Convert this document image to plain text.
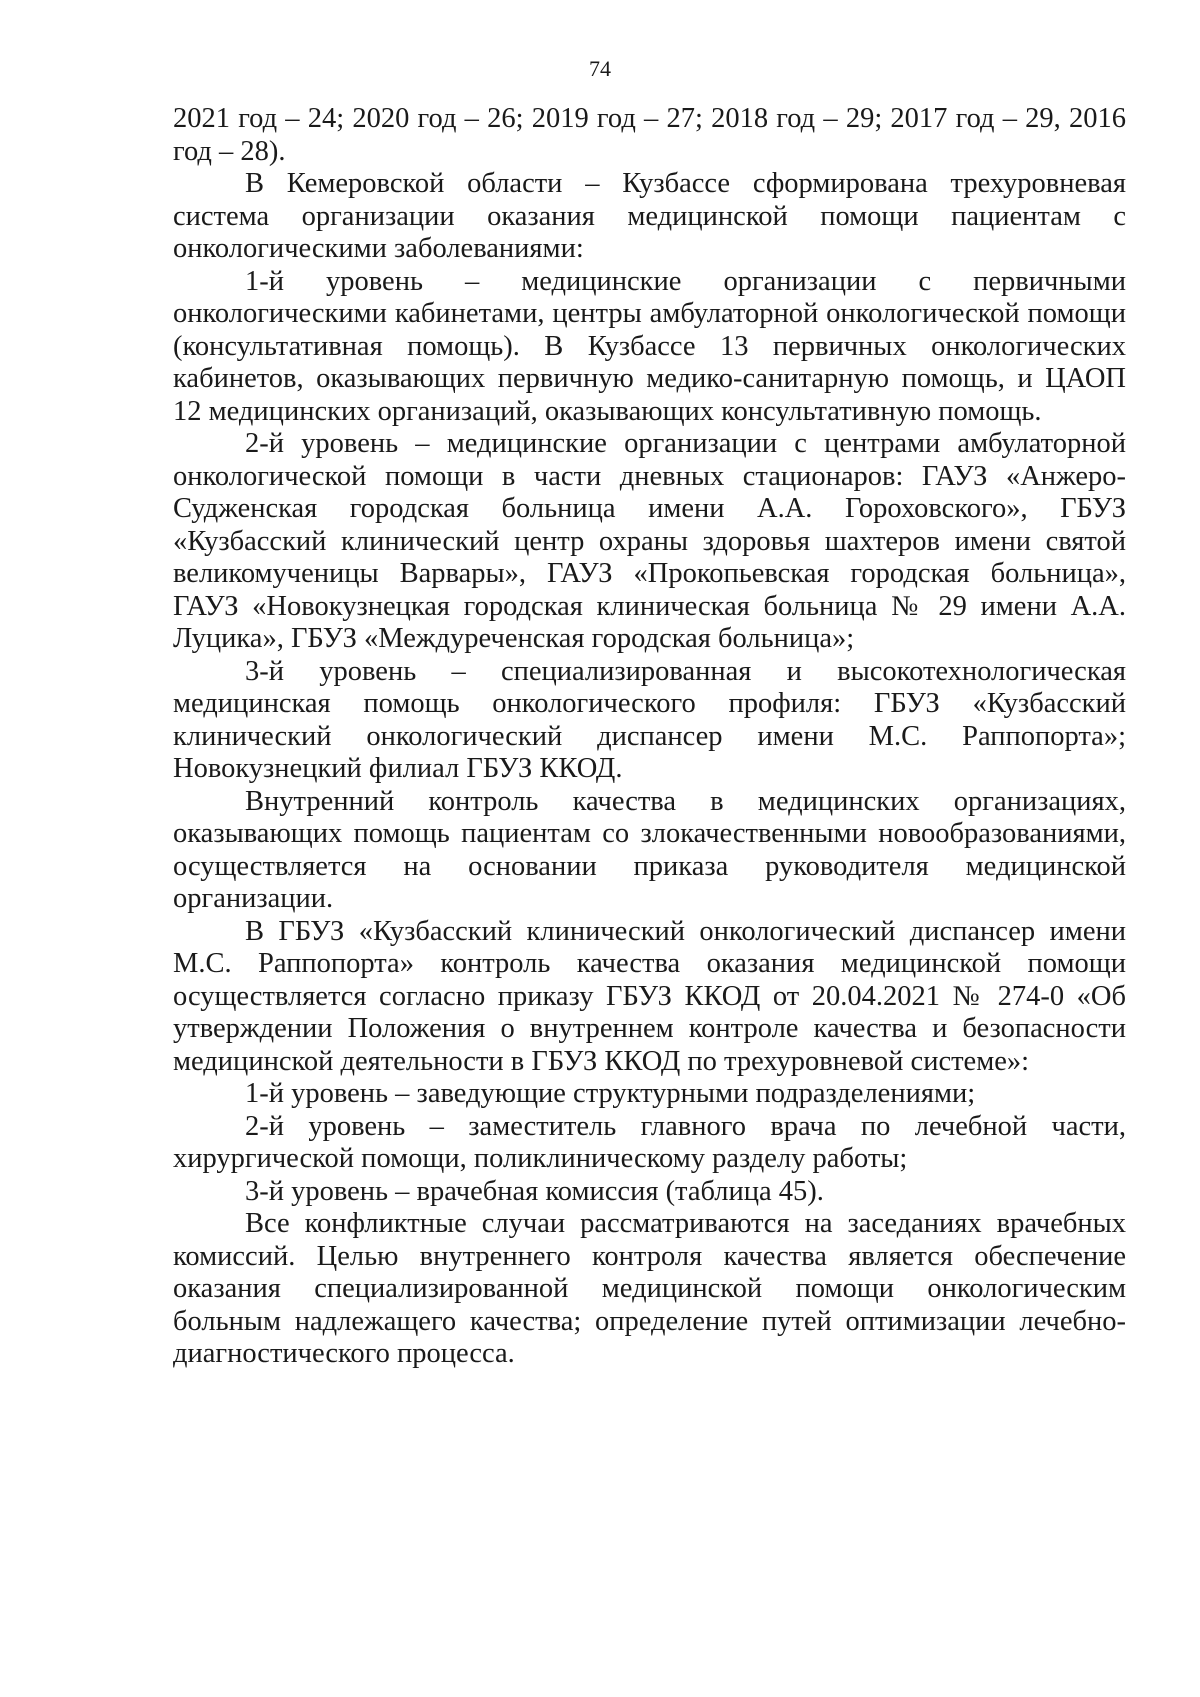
74

2021 год – 24; 2020 год – 26; 2019 год – 27; 2018 год – 29; 2017 год – 29, 2016 год – 28).

В Кемеровской области – Кузбассе сформирована трехуровневая система организации оказания медицинской помощи пациентам с онкологическими заболеваниями:

1-й уровень – медицинские организации с первичными онкологическими кабинетами, центры амбулаторной онкологической помощи (консультативная помощь). В Кузбассе 13 первичных онкологических кабинетов, оказывающих первичную медико-санитарную помощь, и ЦАОП 12 медицинских организаций, оказывающих консультативную помощь.

2-й уровень – медицинские организации с центрами амбулаторной онкологической помощи в части дневных стационаров: ГАУЗ «Анжеро-Судженская городская больница имени А.А. Гороховского», ГБУЗ «Кузбасский клинический центр охраны здоровья шахтеров имени святой великомученицы Варвары», ГАУЗ «Прокопьевская городская больница», ГАУЗ «Новокузнецкая городская клиническая больница № 29 имени А.А. Луцика», ГБУЗ «Междуреченская городская больница»;

3-й уровень – специализированная и высокотехнологическая медицинская помощь онкологического профиля: ГБУЗ «Кузбасский клинический онкологический диспансер имени М.С. Раппопорта»; Новокузнецкий филиал ГБУЗ ККОД.

Внутренний контроль качества в медицинских организациях, оказывающих помощь пациентам со злокачественными новообразованиями, осуществляется на основании приказа руководителя медицинской организации.

В ГБУЗ «Кузбасский клинический онкологический диспансер имени М.С. Раппопорта» контроль качества оказания медицинской помощи осуществляется согласно приказу ГБУЗ ККОД от 20.04.2021 № 274-0 «Об утверждении Положения о внутреннем контроле качества и безопасности медицинской деятельности в ГБУЗ ККОД по трехуровневой системе»:

1-й уровень – заведующие структурными подразделениями;

2-й уровень – заместитель главного врача по лечебной части, хирургической помощи, поликлиническому разделу работы;

3-й уровень – врачебная комиссия (таблица 45).

Все конфликтные случаи рассматриваются на заседаниях врачебных комиссий. Целью внутреннего контроля качества является обеспечение оказания специализированной медицинской помощи онкологическим больным надлежащего качества; определение путей оптимизации лечебно-диагностического процесса.
